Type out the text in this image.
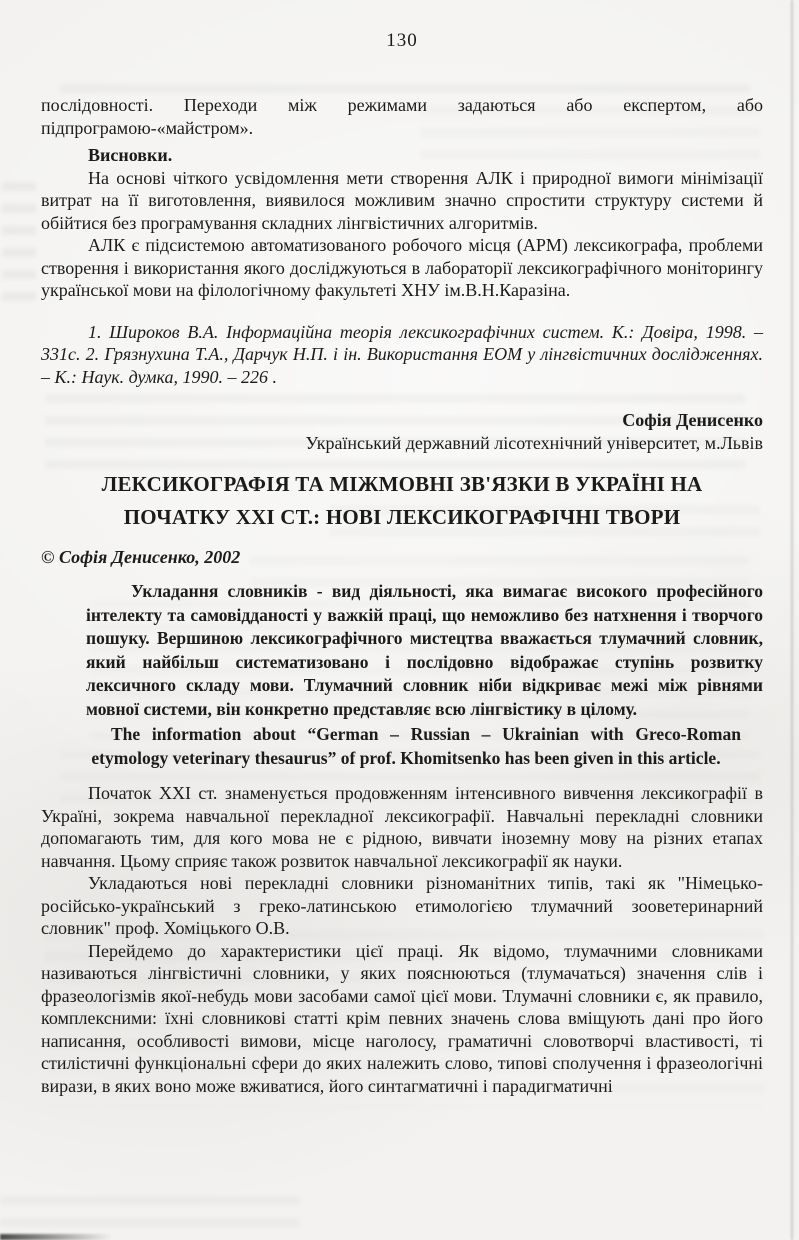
130

послідовності. Переходи між режимами задаються або експертом, або підпрограмою-«майстром».

Висновки.

На основі чіткого усвідомлення мети створення АЛК і природної вимоги мінімізації витрат на її виготовлення, виявилося можливим значно спростити структуру системи й обійтися без програмування складних лінгвістичних алгоритмів.

АЛК є підсистемою автоматизованого робочого місця (АРМ) лексикографа, проблеми створення і використання якого досліджуються в лабораторії лексикографічного моніторингу української мови на філологічному факультеті ХНУ ім.В.Н.Каразіна.

1. Широков В.А. Інформаційна теорія лексикографічних систем. К.: Довіра, 1998. – 331с. 2. Грязнухина Т.А., Дарчук Н.П. і ін. Використання ЕОМ у лінгвістичних дослідженнях. – К.: Наук. думка, 1990. – 226 .

Софія Денисенко
Український державний лісотехнічний університет, м.Львів
ЛЕКСИКОГРАФІЯ ТА МІЖМОВНІ ЗВ'ЯЗКИ В УКРАЇНІ НА ПОЧАТКУ ХХІ СТ.: НОВІ ЛЕКСИКОГРАФІЧНІ ТВОРИ

© Софія Денисенко, 2002

Укладання словників - вид діяльності, яка вимагає високого професійного інтелекту та самовідданості у важкій праці, що неможливо без натхнення і творчого пошуку. Вершиною лексикографічного мистецтва вважається тлумачний словник, який найбільш систематизовано і послідовно відображає ступінь розвитку лексичного складу мови. Тлумачний словник ніби відкриває межі між рівнями мовної системи, він конкретно представляє всю лінгвістику в цілому.

The information about “German – Russian – Ukrainian with Greco-Roman etymology veterinary thesaurus” of prof. Khomitsenko has been given in this article.

Початок ХХІ ст. знаменується продовженням інтенсивного вивчення лексикографії в Україні, зокрема навчальної перекладної лексикографії. Навчальні перекладні словники допомагають тим, для кого мова не є рідною, вивчати іноземну мову на різних етапах навчання. Цьому сприяє також розвиток навчальної лексикографії як науки.

Укладаються нові перекладні словники різноманітних типів, такі як "Німецько-російсько-український з греко-латинською етимологією тлумачний зооветеринарний словник" проф. Хоміцького О.В.

Перейдемо до характеристики цієї праці. Як відомо, тлумачними словниками називаються лінгвістичні словники, у яких пояснюються (тлумачаться) значення слів і фразеологізмів якої-небудь мови засобами самої цієї мови. Тлумачні словники є, як правило, комплексними: їхні словникові статті крім певних значень слова вміщують дані про його написання, особливості вимови, місце наголосу, граматичні словотворчі властивості, ті стилістичні функціональні сфери до яких належить слово, типові сполучення і фразеологічні вирази, в яких воно може вживатися, його синтагматичні і парадигматичні
